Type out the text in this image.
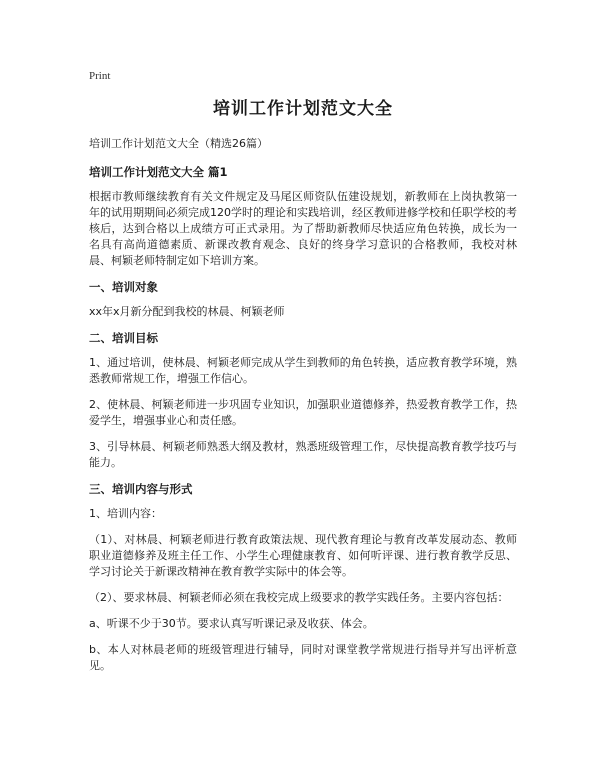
Print
培训工作计划范文大全
培训工作计划范文大全（精选26篇）
培训工作计划范文大全 篇1
根据市教师继续教育有关文件规定及马尾区师资队伍建设规划，新教师在上岗执教第一年的试用期期间必须完成120学时的理论和实践培训，经区教师进修学校和任职学校的考核后，达到合格以上成绩方可正式录用。为了帮助新教师尽快适应角色转换，成长为一名具有高尚道德素质、新课改教育观念、良好的终身学习意识的合格教师，我校对林晨、柯颖老师特制定如下培训方案。
一、培训对象
xx年x月新分配到我校的林晨、柯颖老师
二、培训目标
1、通过培训，使林晨、柯颖老师完成从学生到教师的角色转换，适应教育教学环境，熟悉教师常规工作，增强工作信心。
2、使林晨、柯颖老师进一步巩固专业知识，加强职业道德修养，热爱教育教学工作，热爱学生，增强事业心和责任感。
3、引导林晨、柯颖老师熟悉大纲及教材，熟悉班级管理工作，尽快提高教育教学技巧与能力。
三、培训内容与形式
1、培训内容：
（1）、对林晨、柯颖老师进行教育政策法规、现代教育理论与教育改革发展动态、教师职业道德修养及班主任工作、小学生心理健康教育、如何听评课、进行教育教学反思、学习讨论关于新课改精神在教育教学实际中的体会等。
（2）、要求林晨、柯颖老师必须在我校完成上级要求的教学实践任务。主要内容包括：
a、听课不少于30节。要求认真写听课记录及收获、体会。
b、本人对林晨老师的班级管理进行辅导，同时对课堂教学常规进行指导并写出评析意见。
